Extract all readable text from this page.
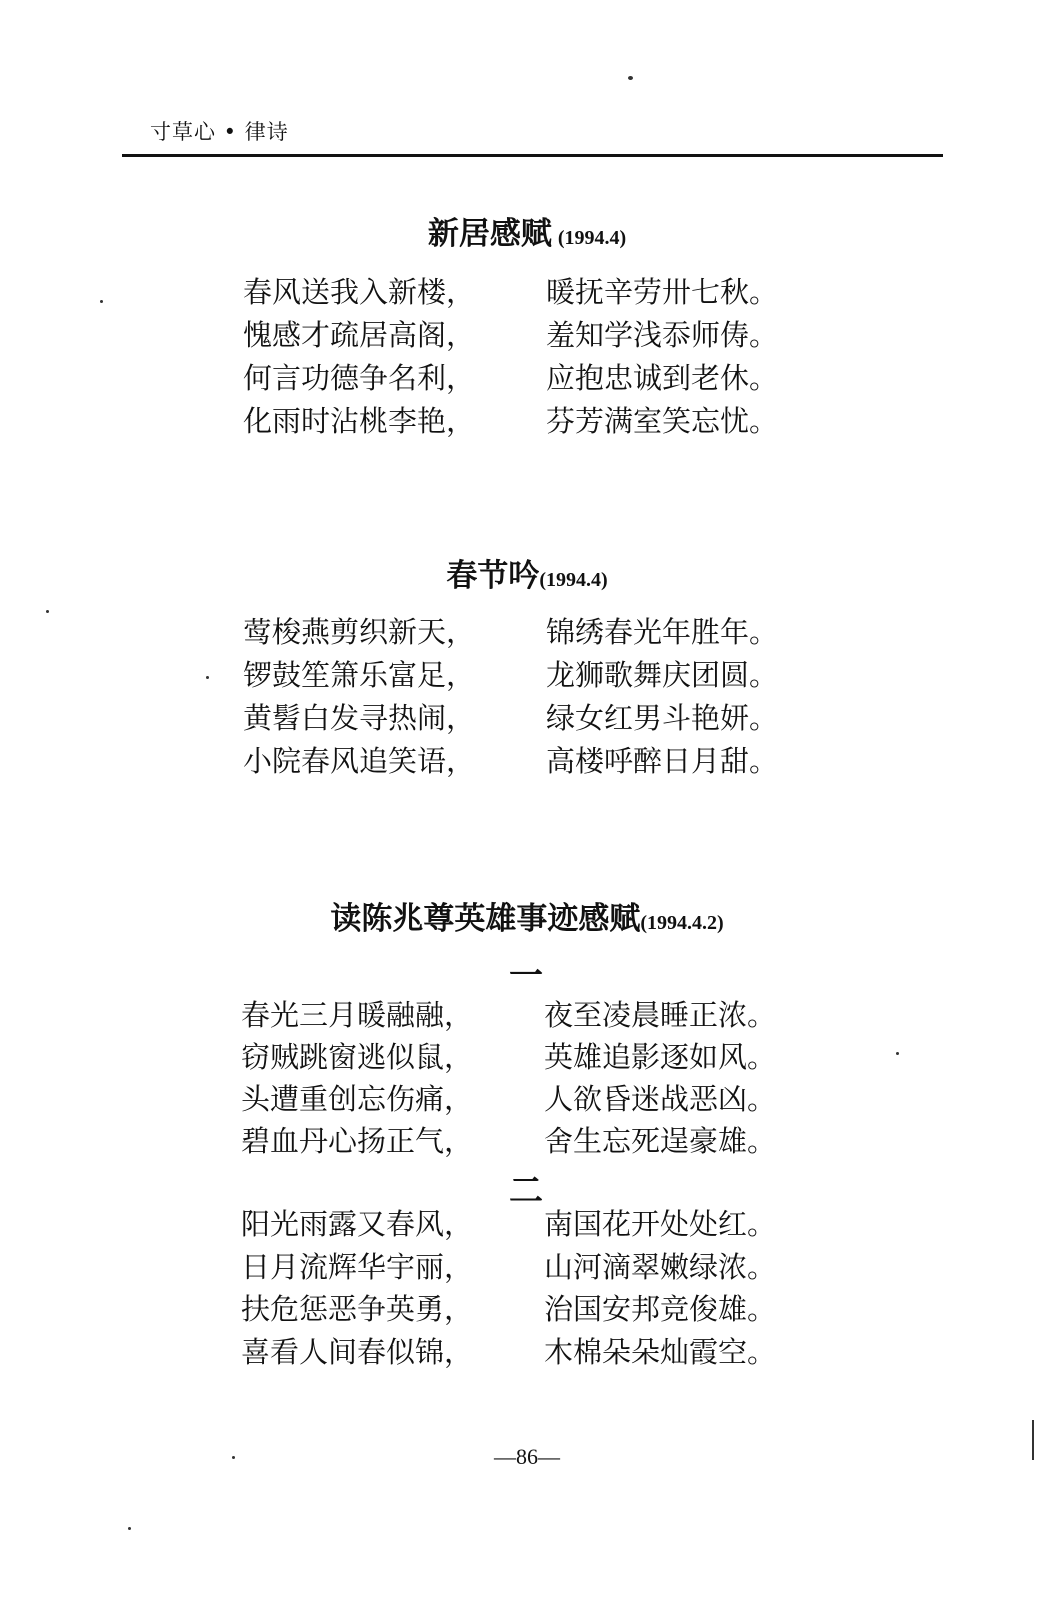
寸草心 • 律诗
新居感赋 (1994.4)
春风送我入新楼， 暖抚辛劳卅七秋。
愧感才疏居高阁， 羞知学浅忝师俦。
何言功德争名利， 应抱忠诚到老休。
化雨时沾桃李艳， 芬芳满室笑忘忧。
春节吟(1994.4)
莺梭燕剪织新天， 锦绣春光年胜年。
锣鼓笙箫乐富足， 龙狮歌舞庆团圆。
黄髫白发寻热闹， 绿女红男斗艳妍。
小院春风追笑语， 高楼呼醉日月甜。
读陈兆尊英雄事迹感赋(1994.4.2)
一
春光三月暖融融， 夜至凌晨睡正浓。
窃贼跳窗逃似鼠， 英雄追影逐如风。
头遭重创忘伤痛， 人欲昏迷战恶凶。
碧血丹心扬正气， 舍生忘死逞豪雄。
二
阳光雨露又春风， 南国花开处处红。
日月流辉华宇丽， 山河滴翠嫩绿浓。
扶危惩恶争英勇， 治国安邦竞俊雄。
喜看人间春似锦， 木棉朵朵灿霞空。
—86—
